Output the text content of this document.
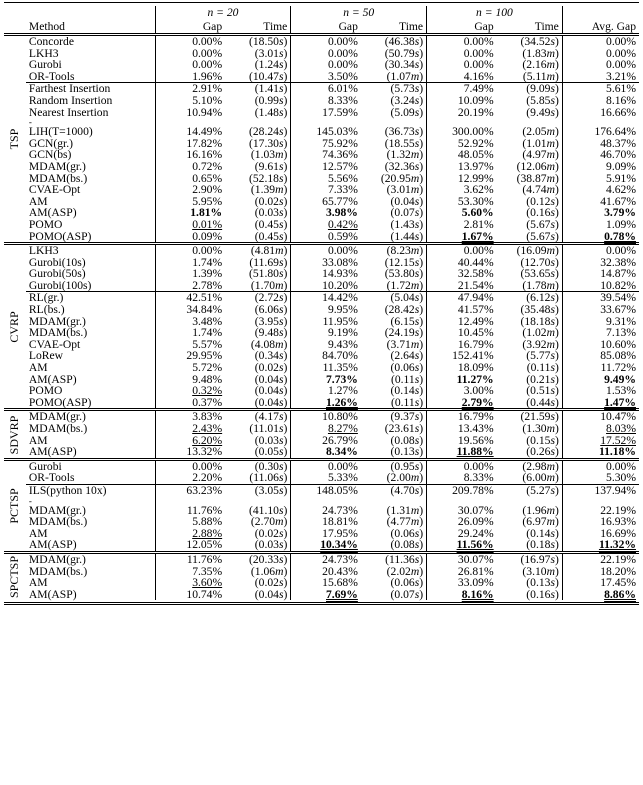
		n = 20		n = 50		n = 100		
	Method	Gap	Time	Gap	Time	Gap	Time	Avg. Gap

TSP	Concorde	0.00%	(18.50s)	0.00%	(46.38s)	0.00%	(34.52s)	0.00%
	LKH3	0.00%	(3.01s)	0.00%	(50.79s)	0.00%	(1.83m)	0.00%
	Gurobi	0.00%	(1.24s)	0.00%	(30.34s)	0.00%	(2.16m)	0.00%
	OR-Tools	1.96%	(10.47s)	3.50%	(1.07m)	4.16%	(5.11m)	3.21%
	Farthest Insertion	2.91%	(1.41s)	6.01%	(5.73s)	7.49%	(9.09s)	5.61%
	Random Insertion	5.10%	(0.99s)	8.33%	(3.24s)	10.09%	(5.85s)	8.16%
	Nearest Insertion	10.94%	(1.48s)	17.59%	(5.09s)	20.19%	(9.49s)	16.66%
	-							
	LIH(T=1000)	14.49%	(28.24s)	145.03%	(36.73s)	300.00%	(2.05m)	176.64%
	GCN(gr.)	17.82%	(17.30s)	75.92%	(18.55s)	52.92%	(1.01m)	48.37%
	GCN(bs)	16.16%	(1.03m)	74.36%	(1.32m)	48.05%	(4.97m)	46.70%
	MDAM(gr.)	0.72%	(9.61s)	12.57%	(32.36s)	13.97%	(12.06m)	9.09%
	MDAM(bs.)	0.65%	(52.18s)	5.56%	(20.95m)	12.99%	(38.87m)	5.91%
	CVAE-Opt	2.90%	(1.39m)	7.33%	(3.01m)	3.62%	(4.74m)	4.62%
	AM	5.95%	(0.02s)	65.77%	(0.04s)	53.30%	(0.12s)	41.67%
	AM(ASP)	1.81%	(0.03s)	3.98%	(0.07s)	5.60%	(0.16s)	3.79%
	POMO	0.01%	(0.45s)	0.42%	(1.43s)	2.81%	(5.67s)	1.09%
	POMO(ASP)	0.09%	(0.45s)	0.59%	(1.44s)	1.67%	(5.67s)	0.78%

CVRP	LKH3	0.00%	(4.81m)	0.00%	(8.23m)	0.00%	(16.09m)	0.00%
	Gurobi(10s)	1.74%	(11.69s)	33.08%	(12.15s)	40.44%	(12.70s)	32.38%
	Gurobi(50s)	1.39%	(51.80s)	14.93%	(53.80s)	32.58%	(53.65s)	14.87%
	Gurobi(100s)	2.78%	(1.70m)	10.20%	(1.72m)	21.54%	(1.78m)	10.82%
	RL(gr.)	42.51%	(2.72s)	14.42%	(5.04s)	47.94%	(6.12s)	39.54%
	RL(bs.)	34.84%	(6.06s)	9.95%	(28.42s)	41.57%	(35.48s)	33.67%
	MDAM(gr.)	3.48%	(3.95s)	11.95%	(6.15s)	12.49%	(18.18s)	9.31%
	MDAM(bs.)	1.74%	(9.48s)	9.19%	(24.19s)	10.45%	(1.02m)	7.13%
	CVAE-Opt	5.57%	(4.08m)	9.43%	(3.71m)	16.79%	(3.92m)	10.60%
	LoRew	29.95%	(0.34s)	84.70%	(2.64s)	152.41%	(5.77s)	85.08%
	AM	5.72%	(0.02s)	11.35%	(0.06s)	18.09%	(0.11s)	11.72%
	AM(ASP)	9.48%	(0.04s)	7.73%	(0.11s)	11.27%	(0.21s)	9.49%
	POMO	0.32%	(0.04s)	1.27%	(0.14s)	3.00%	(0.51s)	1.53%
	POMO(ASP)	0.37%	(0.04s)	1.26%	(0.11s)	2.79%	(0.44s)	1.47%

SDVRP	MDAM(gr.)	3.83%	(4.17s)	10.80%	(9.37s)	16.79%	(21.59s)	10.47%
	MDAM(bs.)	2.43%	(11.01s)	8.27%	(23.61s)	13.43%	(1.30m)	8.03%
	AM	6.20%	(0.03s)	26.79%	(0.08s)	19.56%	(0.15s)	17.52%
	AM(ASP)	13.32%	(0.05s)	8.34%	(0.13s)	11.88%	(0.26s)	11.18%

PCTSP	Gurobi	0.00%	(0.30s)	0.00%	(0.95s)	0.00%	(2.98m)	0.00%
	OR-Tools	2.20%	(11.06s)	5.33%	(2.00m)	8.33%	(6.00m)	5.30%
	ILS(python 10x)	63.23%	(3.05s)	148.05%	(4.70s)	209.78%	(5.27s)	137.94%
	-							
	MDAM(gr.)	11.76%	(41.10s)	24.73%	(1.31m)	30.07%	(1.96m)	22.19%
	MDAM(bs.)	5.88%	(2.70m)	18.81%	(4.77m)	26.09%	(6.97m)	16.93%
	AM	2.88%	(0.02s)	17.95%	(0.06s)	29.24%	(0.14s)	16.69%
	AM(ASP)	12.05%	(0.03s)	10.34%	(0.08s)	11.56%	(0.18s)	11.32%

SPCTSP	MDAM(gr.)	11.76%	(20.33s)	24.73%	(11.36s)	30.07%	(16.97s)	22.19%
	MDAM(bs.)	7.35%	(1.06m)	20.43%	(2.02m)	26.81%	(3.10m)	18.20%
	AM	3.60%	(0.02s)	15.68%	(0.06s)	33.09%	(0.13s)	17.45%
	AM(ASP)	10.74%	(0.04s)	7.69%	(0.07s)	8.16%	(0.16s)	8.86%
